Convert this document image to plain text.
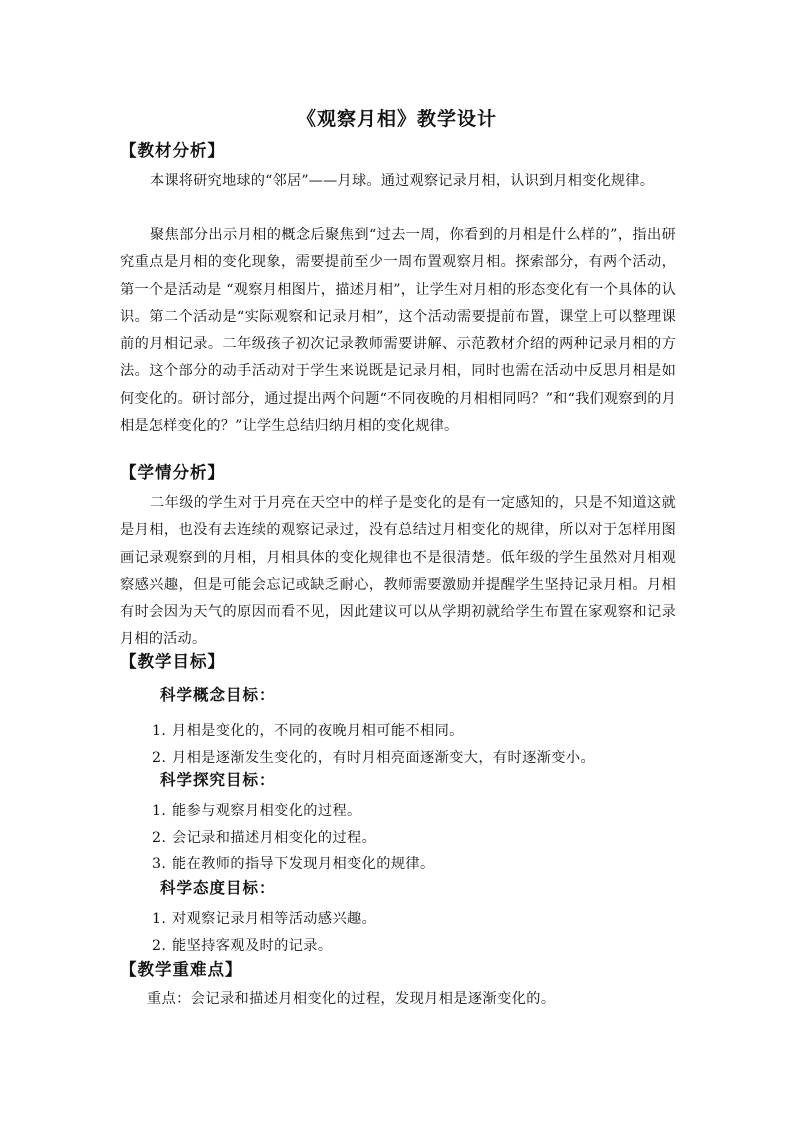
《观察月相》教学设计
【教材分析】

本课将研究地球的“邻居”——月球。通过观察记录月相，认识到月相变化规律。

聚焦部分出示月相的概念后聚焦到“过去一周，你看到的月相是什么样的”，指出研究重点是月相的变化现象，需要提前至少一周布置观察月相。探索部分，有两个活动，第一个是活动是 “观察月相图片，描述月相”，让学生对月相的形态变化有一个具体的认识。第二个活动是“实际观察和记录月相”，这个活动需要提前布置，课堂上可以整理课前的月相记录。二年级孩子初次记录教师需要讲解、示范教材介绍的两种记录月相的方法。这个部分的动手活动对于学生来说既是记录月相，同时也需在活动中反思月相是如何变化的。研讨部分，通过提出两个问题“不同夜晚的月相相同吗？”和“我们观察到的月相是怎样变化的？”让学生总结归纳月相的变化规律。

【学情分析】

二年级的学生对于月亮在天空中的样子是变化的是有一定感知的，只是不知道这就是月相，也没有去连续的观察记录过，没有总结过月相变化的规律，所以对于怎样用图画记录观察到的月相，月相具体的变化规律也不是很清楚。低年级的学生虽然对月相观察感兴趣，但是可能会忘记或缺乏耐心，教师需要激励并提醒学生坚持记录月相。月相有时会因为天气的原因而看不见，因此建议可以从学期初就给学生布置在家观察和记录月相的活动。

【教学目标】
科学概念目标：
1. 月相是变化的，不同的夜晚月相可能不相同。
2. 月相是逐渐发生变化的，有时月相亮面逐渐变大，有时逐渐变小。
科学探究目标：
1. 能参与观察月相变化的过程。
2. 会记录和描述月相变化的过程。
3. 能在教师的指导下发现月相变化的规律。
科学态度目标：
1. 对观察记录月相等活动感兴趣。
2. 能坚持客观及时的记录。
【教学重难点】
重点：会记录和描述月相变化的过程，发现月相是逐渐变化的。
